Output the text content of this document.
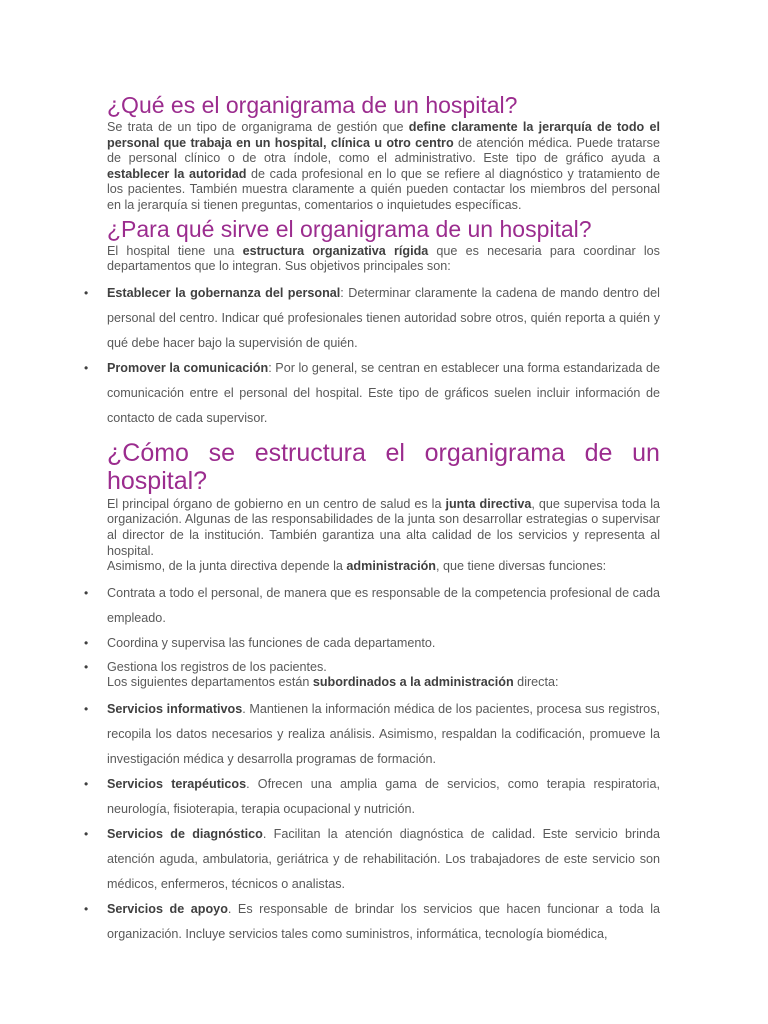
¿Qué es el organigrama de un hospital?

Se trata de un tipo de organigrama de gestión que define claramente la jerarquía de todo el personal que trabaja en un hospital, clínica u otro centro de atención médica. Puede tratarse de personal clínico o de otra índole, como el administrativo. Este tipo de gráfico ayuda a establecer la autoridad de cada profesional en lo que se refiere al diagnóstico y tratamiento de los pacientes. También muestra claramente a quién pueden contactar los miembros del personal en la jerarquía si tienen preguntas, comentarios o inquietudes específicas.

¿Para qué sirve el organigrama de un hospital?

El hospital tiene una estructura organizativa rígida que es necesaria para coordinar los departamentos que lo integran. Sus objetivos principales son:

• Establecer la gobernanza del personal: Determinar claramente la cadena de mando dentro del personal del centro. Indicar qué profesionales tienen autoridad sobre otros, quién reporta a quién y qué debe hacer bajo la supervisión de quién.
• Promover la comunicación: Por lo general, se centran en establecer una forma estandarizada de comunicación entre el personal del hospital. Este tipo de gráficos suelen incluir información de contacto de cada supervisor.
¿Cómo se estructura el organigrama de un
hospital?

El principal órgano de gobierno en un centro de salud es la junta directiva, que supervisa toda la organización. Algunas de las responsabilidades de la junta son desarrollar estrategias o supervisar al director de la institución. También garantiza una alta calidad de los servicios y representa al hospital.

Asimismo, de la junta directiva depende la administración, que tiene diversas funciones:

• Contrata a todo el personal, de manera que es responsable de la competencia profesional de cada empleado.
• Coordina y supervisa las funciones de cada departamento.
• Gestiona los registros de los pacientes.

Los siguientes departamentos están subordinados a la administración directa:

• Servicios informativos. Mantienen la información médica de los pacientes, procesa sus registros, recopila los datos necesarios y realiza análisis. Asimismo, respaldan la codificación, promueve la investigación médica y desarrolla programas de formación.
• Servicios terapéuticos. Ofrecen una amplia gama de servicios, como terapia respiratoria, neurología, fisioterapia, terapia ocupacional y nutrición.
• Servicios de diagnóstico. Facilitan la atención diagnóstica de calidad. Este servicio brinda atención aguda, ambulatoria, geriátrica y de rehabilitación. Los trabajadores de este servicio son médicos, enfermeros, técnicos o analistas.
• Servicios de apoyo. Es responsable de brindar los servicios que hacen funcionar a toda la organización. Incluye servicios tales como suministros, informática, tecnología biomédica,
